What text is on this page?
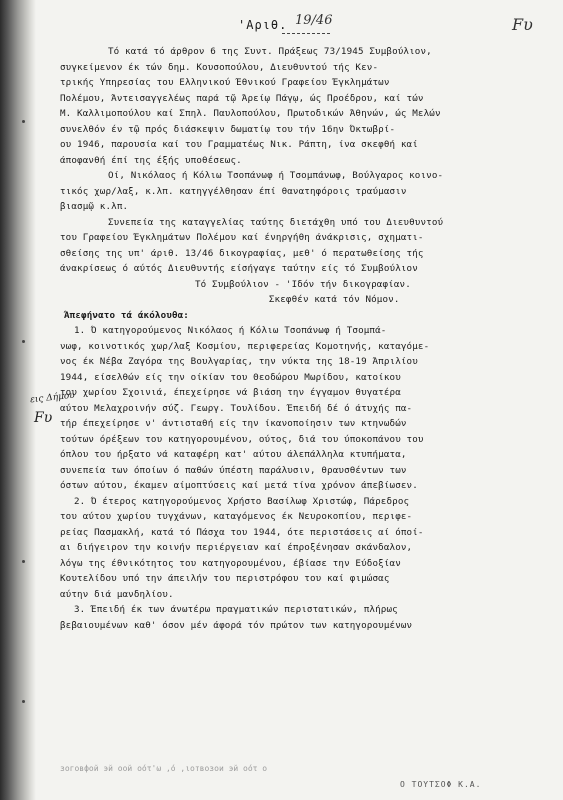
'Αριθ. 19/46	Fυ
Τό κατά τό άρθρον 6 της Συντ. Πράξεως 73/1945 Συμβούλιον,
συγκείμενον έκ τών δημ. Κουσοπούλου, Διευθυντού τής Κεν-
τρικής Υπηρεσίας του Ελληνικού Έθνικού Γραφείου Έγκλημάτων
Πολέμου, Άντεισαγγελέως παρά τῷ Άρείῳ Πάγῳ, ώς Προέδρου, καί τών
Μ. Καλλιμοπούλου καί Σπηλ. Παυλοπούλου, Πρωτοδικών Άθηνών, ώς Μελών
συνελθόν έν τῷ πρός διάσκεψιν δωματίῳ του τήν 16ην Όκτωβρί-
ου 1946, παρουσία καί του Γραμματέως Νικ. Ράπτη, ίνα σκεφθή καί
άποφανθή έπί της έξής υποθέσεως.
Οί, Νικόλαος ή Κόλιω Τσοπάνωφ ή Τσομπάνωφ, Βούλγαρος κοινο-
τικός χωρ/λαξ, κ.λπ. κατηγγέλθησαν έπί θανατηφόροις τραύμασιν
βιασμῷ κ.λπ.
Συνεπεία της καταγγελίας ταύτης διετάχθη υπό του Διευθυντού
του Γραφείου Έγκλημάτων Πολέμου καί ένηργήθη άνάκρισις, σχηματι-
σθείσης της υπ' άριθ. 13/46 δικογραφίας, μεθ' ό περατωθείσης τής
άνακρίσεως ό αύτός Διευθυντής είσήγαγε ταύτην είς τό Συμβούλιον
Τό Συμβούλιον - 'Ιδόν τήν δικογραφίαν.
Σκεφθέν κατά τόν Νόμον.
Άπεφήνατο τά άκόλουθα:
1. Ό κατηγορούμενος Νικόλαος ή Κόλιω Τσοπάνωφ ή Τσομπά-
νωφ, κοινοτικός χωρ/λαξ Κοσμίου, περιφερείας Κομοτηνής, καταγόμε-
νος έκ Νέβα Ζαγόρα της Βουλγαρίας, την νύκτα της 18-19 Άπριλίου
1944, είσελθών είς την οίκίαν του Θεοδώρου Μωρίδου, κατοίκου
του χωρίου Σχοινιά, έπεχείρησε νά βιάση την έγγαμον θυγατέρα
αύτου Μελαχροινήν σύζ. Γεωργ. Τουλίδου. Έπειδή δέ ό άτυχής πα-
τήρ έπεχείρησε ν' άντισταθή είς την ίκανοποίησιν των κτηνωδών
τούτων όρέξεων του κατηγορουμένου, ούτος, διά του ύποκοπάνου του
όπλου του ήρξατο νά καταφέρη κατ' αύτου άλεπάλληλα κτυπήματα,
συνεπεία των όποίων ό παθών ύπέστη παράλυσιν, θραυσθέντων των
όστων αύτου, έκαμεν αίμοπτύσεις καί μετά τίνα χρόνον άπεβίωσεν.
2. Ό έτερος κατηγορούμενος Χρήστο Βασίλωφ Χριστώφ, Πάρεδρος
του αύτου χωρίου τυγχάνων, καταγόμενος έκ Νευροκοπίου, περιφε-
ρείας Πασμακλή, κατά τό Πάσχα του 1944, ότε περιστάσεις αί όποί-
αι διήγειρον την κοινήν περιέργειαν καί έπροξένησαν σκάνδαλον,
λόγω της έθνικότητος του κατηγορουμένου, έβίασε την Εύδοξίαν
Κουτελίδου υπό την άπειλήν του περιστρόφου του καί φιμώσας
αύτην διά μανδηλίου.
3. Έπειδή έκ των άνωτέρω πραγματικών περιστατικών, πλήρως
βεβαιουμένων καθ' όσον μέν άφορά τόν πρώτον των κατηγορουμένων
εις Δήμου
Fυ
зоговфой эй οой οότ'ω ,ό ,ιотвозои эй οότ о
Ο ΤΟΥΤΣΟΦ Κ.Α.
